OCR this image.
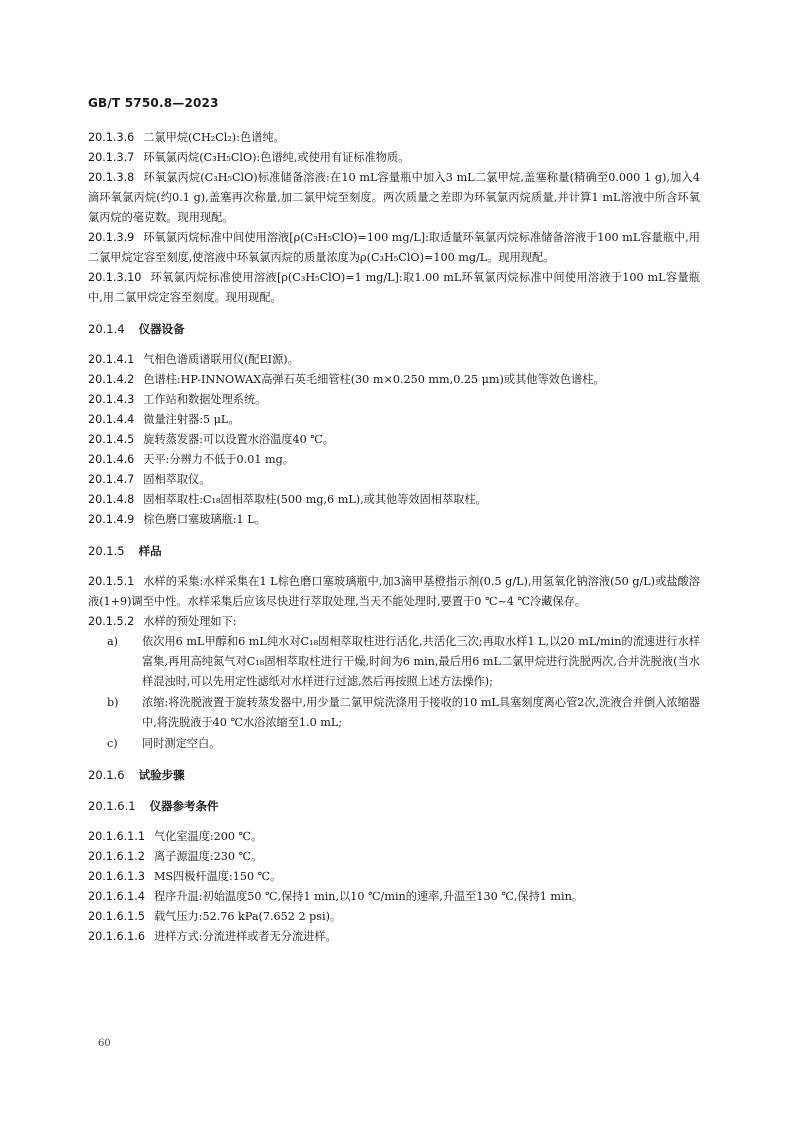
GB/T 5750.8—2023

20.1.3.6 二氯甲烷(CH₂Cl₂):色谱纯。

20.1.3.7 环氧氯丙烷(C₃H₅ClO):色谱纯,或使用有证标准物质。

20.1.3.8 环氧氯丙烷(C₃H₅ClO)标准储备溶液:在10 mL容量瓶中加入3 mL二氯甲烷,盖塞称量(精确至0.000 1 g),加入4滴环氧氯丙烷(约0.1 g),盖塞再次称量,加二氯甲烷至刻度。两次质量之差即为环氧氯丙烷质量,并计算1 mL溶液中所含环氧氯丙烷的毫克数。现用现配。

20.1.3.9 环氧氯丙烷标准中间使用溶液[ρ(C₃H₅ClO)=100 mg/L]:取适量环氧氯丙烷标准储备溶液于100 mL容量瓶中,用二氯甲烷定容至刻度,使溶液中环氧氯丙烷的质量浓度为ρ(C₃H₅ClO)=100 mg/L。现用现配。

20.1.3.10 环氧氯丙烷标准使用溶液[ρ(C₃H₅ClO)=1 mg/L]:取1.00 mL环氧氯丙烷标准中间使用溶液于100 mL容量瓶中,用二氯甲烷定容至刻度。现用现配。

20.1.4 仪器设备

20.1.4.1 气相色谱质谱联用仪(配EI源)。

20.1.4.2 色谱柱:HP-INNOWAX高弹石英毛细管柱(30 m×0.250 mm,0.25 μm)或其他等效色谱柱。

20.1.4.3 工作站和数据处理系统。

20.1.4.4 微量注射器:5 μL。

20.1.4.5 旋转蒸发器:可以设置水浴温度40 ℃。

20.1.4.6 天平:分辨力不低于0.01 mg。

20.1.4.7 固相萃取仪。

20.1.4.8 固相萃取柱:C₁₈固相萃取柱(500 mg,6 mL),或其他等效固相萃取柱。

20.1.4.9 棕色磨口塞玻璃瓶:1 L。

20.1.5 样品

20.1.5.1 水样的采集:水样采集在1 L棕色磨口塞玻璃瓶中,加3滴甲基橙指示剂(0.5 g/L),用氢氧化钠溶液(50 g/L)或盐酸溶液(1+9)调至中性。水样采集后应该尽快进行萃取处理,当天不能处理时,要置于0 ℃~4 ℃冷藏保存。

20.1.5.2 水样的预处理如下:

a)	依次用6 mL甲醇和6 mL纯水对C₁₈固相萃取柱进行活化,共活化三次;再取水样1 L,以20 mL/min的流速进行水样富集,再用高纯氮气对C₁₈固相萃取柱进行干燥,时间为6 min,最后用6 mL二氯甲烷进行洗脱两次,合并洗脱液(当水样混浊时,可以先用定性滤纸对水样进行过滤,然后再按照上述方法操作);
b)	浓缩:将洗脱液置于旋转蒸发器中,用少量二氯甲烷洗涤用于接收的10 mL具塞刻度离心管2次,洗液合并倒入浓缩器中,将洗脱液于40 ℃水浴浓缩至1.0 mL;
c)	同时测定空白。
20.1.6 试验步骤
20.1.6.1 仪器参考条件

20.1.6.1.1 气化室温度:200 ℃。

20.1.6.1.2 离子源温度:230 ℃。

20.1.6.1.3 MS四极杆温度:150 ℃。

20.1.6.1.4 程序升温:初始温度50 ℃,保持1 min,以10 ℃/min的速率,升温至130 ℃,保持1 min。

20.1.6.1.5 载气压力:52.76 kPa(7.652 2 psi)。

20.1.6.1.6 进样方式:分流进样或者无分流进样。

60
